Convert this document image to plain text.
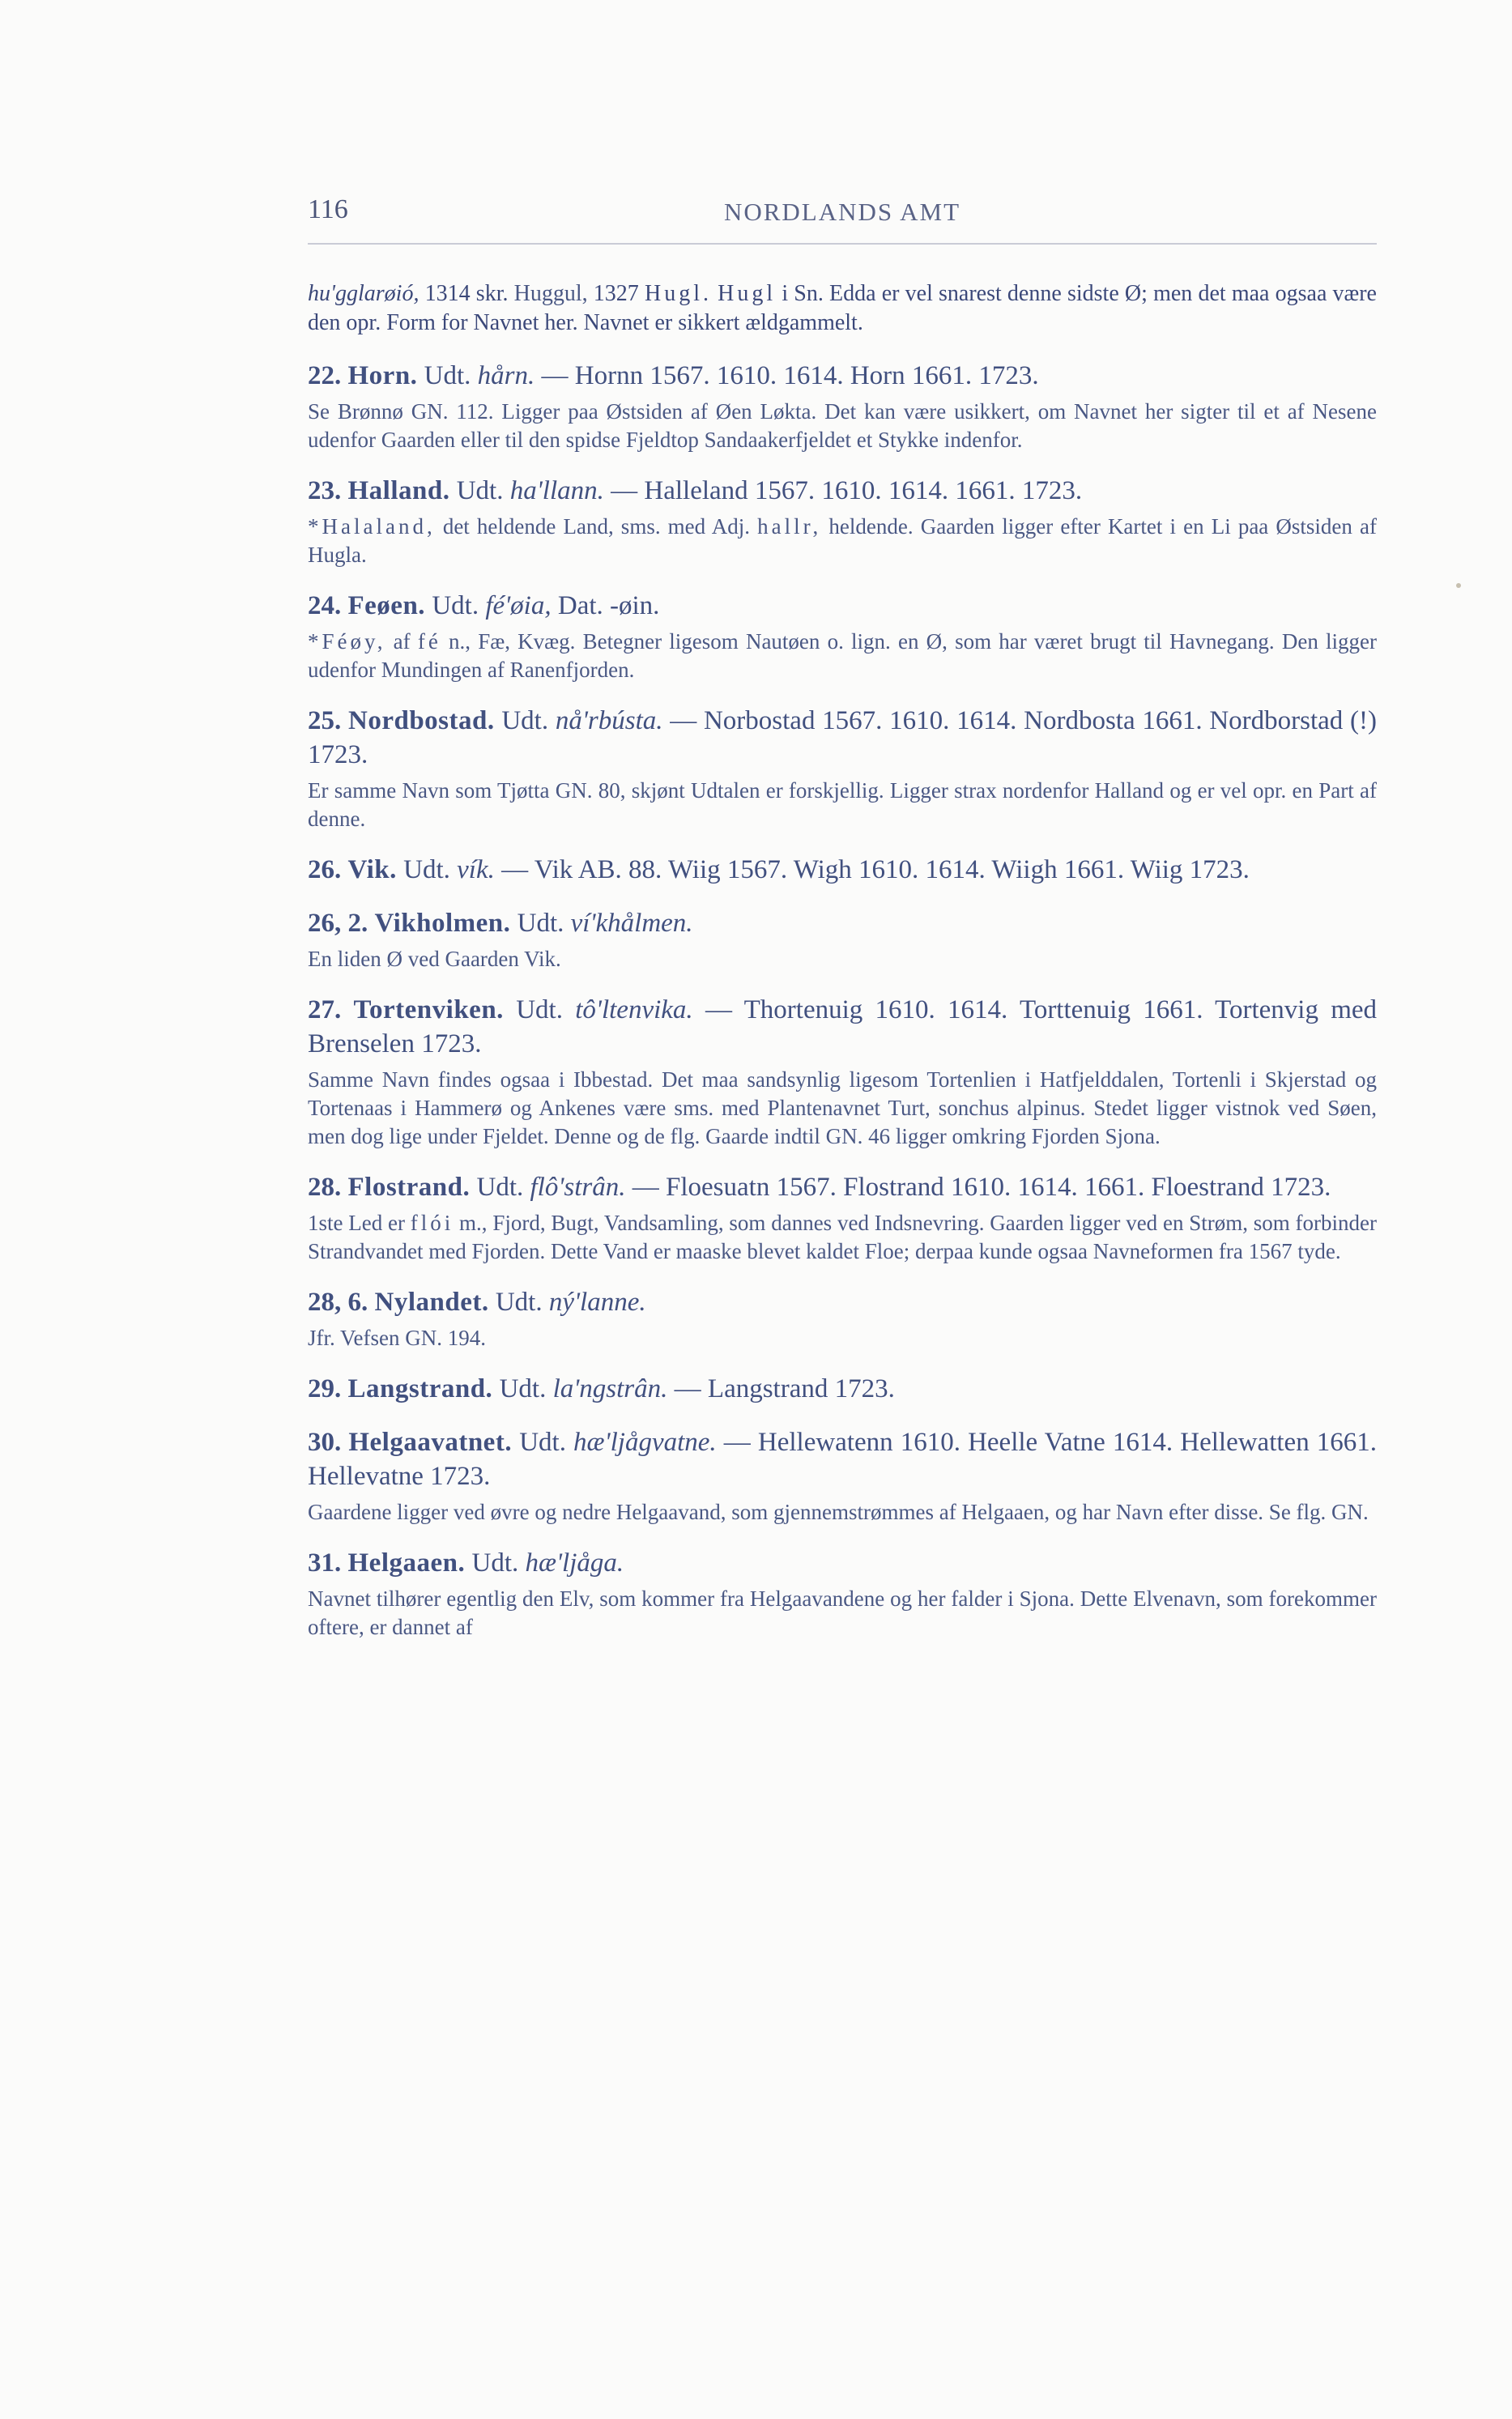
116	NORDLANDS AMT

hu'gglarøió, 1314 skr. Huggul, 1327 Hugl. Hugl i Sn. Edda er vel snarest denne sidste Ø; men det maa ogsaa være den opr. Form for Navnet her. Navnet er sikkert ældgammelt.

22. Horn. Udt. hårn. — Hornn 1567. 1610. 1614. Horn 1661. 1723.
Se Brønnø GN. 112. Ligger paa Østsiden af Øen Løkta. Det kan være usikkert, om Navnet her sigter til et af Nesene udenfor Gaarden eller til den spidse Fjeldtop Sandaakerfjeldet et Stykke indenfor.
23. Halland. Udt. ha'llann. — Halleland 1567. 1610. 1614. 1661. 1723.
*Halaland, det heldende Land, sms. med Adj. hallr, heldende. Gaarden ligger efter Kartet i en Li paa Østsiden af Hugla.
24. Feøen. Udt. fé'øia, Dat. -øin.
*Féøy, af fé n., Fæ, Kvæg. Betegner ligesom Nautøen o. lign. en Ø, som har været brugt til Havnegang. Den ligger udenfor Mundingen af Ranenfjorden.
25. Nordbostad. Udt. nå'rbústa. — Norbostad 1567. 1610. 1614. Nordbosta 1661. Nordborstad (!) 1723.
Er samme Navn som Tjøtta GN. 80, skjønt Udtalen er forskjellig. Ligger strax nordenfor Halland og er vel opr. en Part af denne.
26. Vik. Udt. vík. — Vik AB. 88. Wiig 1567. Wigh 1610. 1614. Wiigh 1661. Wiig 1723.
26, 2. Vikholmen. Udt. ví'khålmen.
En liden Ø ved Gaarden Vik.
27. Tortenviken. Udt. tô'ltenvika. — Thortenuig 1610. 1614. Torttenuig 1661. Tortenvig med Brenselen 1723.
Samme Navn findes ogsaa i Ibbestad. Det maa sandsynlig ligesom Tortenlien i Hatfjelddalen, Tortenli i Skjerstad og Tortenaas i Hammerø og Ankenes være sms. med Plantenavnet Turt, sonchus alpinus. Stedet ligger vistnok ved Søen, men dog lige under Fjeldet. Denne og de flg. Gaarde indtil GN. 46 ligger omkring Fjorden Sjona.
28. Flostrand. Udt. flô'strân. — Floesuatn 1567. Flostrand 1610. 1614. 1661. Floestrand 1723.
1ste Led er flói m., Fjord, Bugt, Vandsamling, som dannes ved Indsnevring. Gaarden ligger ved en Strøm, som forbinder Strandvandet med Fjorden. Dette Vand er maaske blevet kaldet Floe; derpaa kunde ogsaa Navneformen fra 1567 tyde.
28, 6. Nylandet. Udt. ný'lanne.
Jfr. Vefsen GN. 194.
29. Langstrand. Udt. la'ngstrân. — Langstrand 1723.
30. Helgaavatnet. Udt. hæ'ljågvatne. — Hellewatenn 1610. Heelle Vatne 1614. Hellewatten 1661. Hellevatne 1723.
Gaardene ligger ved øvre og nedre Helgaavand, som gjennemstrømmes af Helgaaen, og har Navn efter disse. Se flg. GN.
31. Helgaaen. Udt. hæ'ljåga.
Navnet tilhører egentlig den Elv, som kommer fra Helgaavandene og her falder i Sjona. Dette Elvenavn, som forekommer oftere, er dannet af
